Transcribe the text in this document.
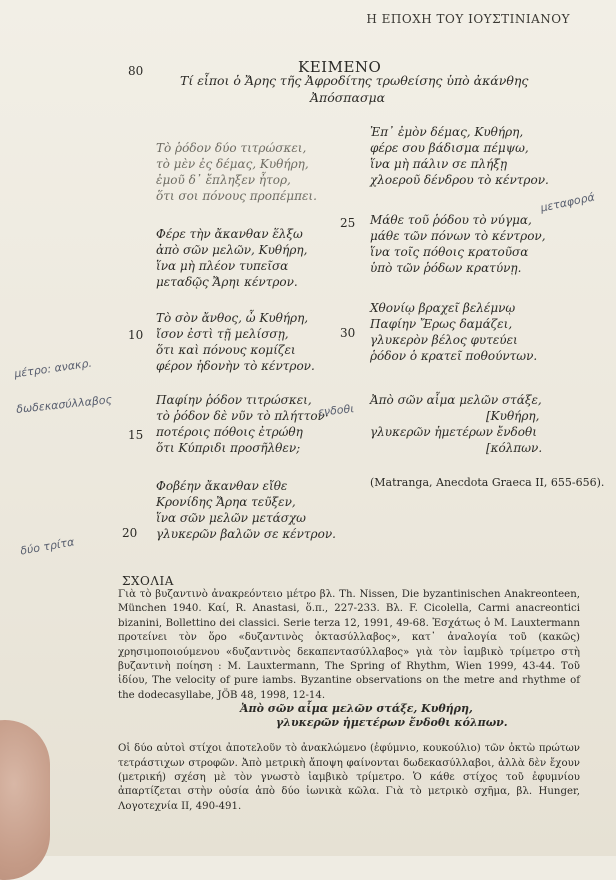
Η ΕΠΟΧΗ ΤΟΥ ΙΟΥΣΤΙΝΙΑΝΟΥ
80	ΚΕΙΜΕΝΟ
Τί εἶποι ὁ Ἄρης τῆς Ἀφροδίτης τρωθείσης ὑπὸ ἀκάνθης
Ἀπόσπασμα
Τὸ ῥόδον δύο τιτρώσκει,
τὸ μὲν ἐς δέμας, Κυθήρη,
ἐμοῦ δ᾿ ἔπληξεν ἦτορ,
ὅτι σοι πόνους προπέμπει.
Φέρε τὴν ἄκανθαν ἕλξω
ἀπὸ σῶν μελῶν, Κυθήρη,
ἵνα μὴ πλέον τυπεῖσα
μεταδῷς Ἄρηι κέντρον.
Τὸ σὸν ἄνθος, ὦ Κυθήρη,
ἴσον ἐστὶ τῇ μελίσσῃ,
ὅτι καὶ πόνους κομίζει
φέρον ἡδονὴν τὸ κέντρον.
Παφίην ῥόδον τιτρώσκει,
τὸ ῥόδον δὲ νῦν τὸ πλήττον·
ποτέροις πόθοις ἐτρώθη
ὅτι Κύπριδι προσῆλθεν;
Φοβέην ἄκανθαν εἴθε
Κρονίδης Ἄρηα τεῦξεν,
ἵνα σῶν μελῶν μετάσχω
γλυκερῶν βαλῶν σε κέντρον.
Ἐπ᾿ ἐμὸν δέμας, Κυθήρη,
φέρε σου βάδισμα πέμψω,
ἵνα μὴ πάλιν σε πλήξῃ
χλοεροῦ δένδρου τὸ κέντρον.
Μάθε τοῦ ῥόδου τὸ νύγμα,
μάθε τῶν πόνων τὸ κέντρον,
ἵνα τοῖς πόθοις κρατοῦσα
ὑπὸ τῶν ῥόδων κρατύνῃ.
Χθονίῳ βραχεῖ βελέμνῳ
Παφίην Ἔρως δαμάζει,
γλυκερὸν βέλος φυτεύει
ῥόδον ὁ κρατεῖ ποθούντων.
Ἀπὸ σῶν αἷμα μελῶν στάξε,
[Κυθήρη,
γλυκερῶν ἡμετέρων ἔνδοθι
[κόλπων.
10
15
20
25
30
(Matranga, Anecdota Graeca II, 655-656).
μεταφορά
ενδοθι
μέτρο: ανακρ.
δωδεκασύλλαβος
δύο τρίτα
ΣΧΟΛΙΑ

Γιὰ τὸ βυζαντινὸ ἀνακρεόντειο μέτρο βλ. Th. Nissen, Die byzantinischen Anakreonteen, München 1940. Καί, R. Anastasi, ὅ.π., 227-233. Βλ. F. Cicolella, Carmi anacreontici bizanini, Bollettino dei classici. Serie terza 12, 1991, 49-68. Ἐσχάτως ὁ M. Lauxtermann προτείνει τὸν ὅρο «δυζαντινὸς ὀκτασύλλαβος», κατ᾿ ἀναλογία τοῦ (κακῶς) χρησιμοποιούμενου «δυζαντινὸς δεκαπεντασύλλαβος» γιὰ τὸν ἰαμβικὸ τρίμετρο στὴ βυζαντινὴ ποίηση : M. Lauxtermann, The Spring of Rhythm, Wien 1999, 43-44. Τοῦ ἰδίου, The velocity of pure iambs. Byzantine observations on the metre and rhythme of the dodecasyllabe, JÖB 48, 1998, 12-14.

Ἀπὸ σῶν αἷμα μελῶν στάξε, Κυθήρη,
γλυκερῶν ἡμετέρων ἔνδοθι κόλπων.

Οἱ δύο αὐτοὶ στίχοι ἀποτελοῦν τὸ ἀνακλώμενο (ἐφύμνιο, κουκούλιο) τῶν ὀκτὼ πρώτων τετράστιχων στροφῶν. Ἀπὸ μετρικὴ ἄποψη φαίνονται δωδεκασύλλαβοι, ἀλλὰ δὲν ἔχουν (μετρική) σχέση μὲ τὸν γνωστὸ ἰαμβικὸ τρίμετρο. Ὁ κάθε στίχος τοῦ ἐφυμνίου ἀπαρτίζεται στὴν οὐσία ἀπὸ δύο ἰωνικὰ κῶλα. Γιὰ τὸ μετρικὸ σχῆμα, βλ. Hunger, Λογοτεχνία II, 490-491.
